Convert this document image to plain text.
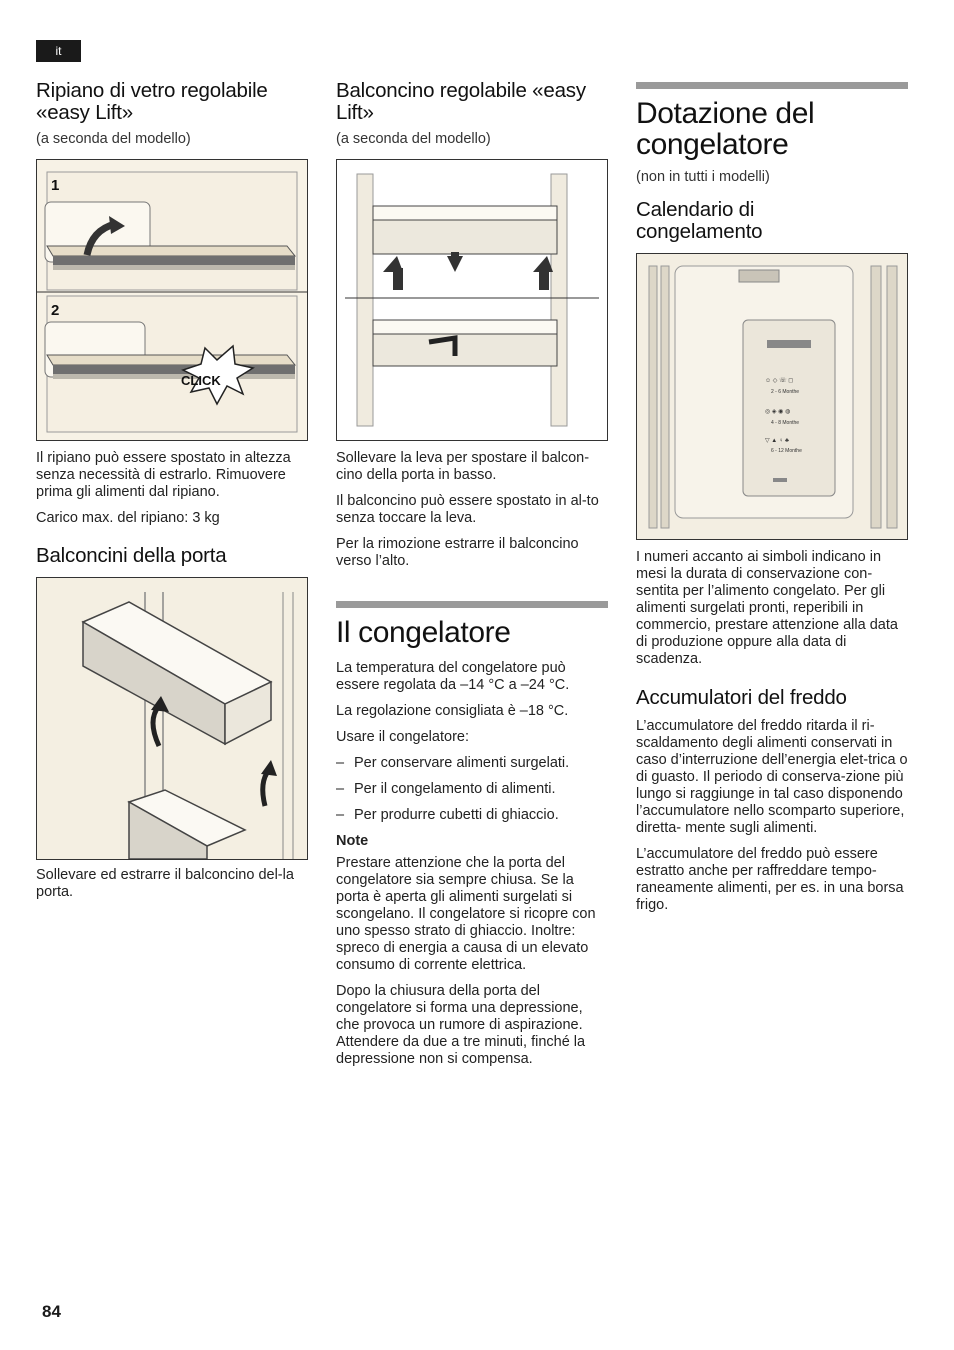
it
Ripiano di vetro regolabile «easy Lift»

(a seconda del modello)

CLICK
1
2

Il ripiano può essere spostato in altezza senza necessità di estrarlo. Rimuovere prima gli alimenti dal ripiano.

Carico max. del ripiano: 3 kg

Balconcini della porta

Sollevare ed estrarre il balconcino del-la porta.

Balconcino regolabile «easy Lift»

(a seconda del modello)

Sollevare la leva per spostare il balcon-cino della porta in basso.

Il balconcino può essere spostato in al-to senza toccare la leva.

Per la rimozione estrarre il balconcino verso l’alto.

Il congelatore

La temperatura del congelatore può essere regolata da –14 °C a –24 °C.

La regolazione consigliata è –18 °C.

Usare il congelatore:

– Per conservare alimenti surgelati.

– Per il congelamento di alimenti.

– Per produrre cubetti di ghiaccio.

Note

Prestare attenzione che la porta del congelatore sia sempre chiusa. Se la porta è aperta gli alimenti surgelati si scongelano. Il congelatore si ricopre con uno spesso strato di ghiaccio. Inoltre: spreco di energia a causa di un elevato consumo di corrente elettrica.

Dopo la chiusura della porta del congelatore si forma una depressione, che provoca un rumore di aspirazione. Attendere da due a tre minuti, finché la depressione non si compensa.

Dotazione del congelatore

(non in tutti i modelli)

Calendario di congelamento
☺ ◇ ☏ ◻
2 - 6 Monthe
◎ ◈ ◉ ◍
4 - 8 Monthe
▽ ▲ ♀ ♣
6 - 12 Monthe

I numeri accanto ai simboli indicano in mesi la durata di conservazione con-sentita per l’alimento congelato. Per gli alimenti surgelati pronti, reperibili in commercio, prestare attenzione alla data di produzione oppure alla data di scadenza.

Accumulatori del freddo

L’accumulatore del freddo ritarda il ri-scaldamento degli alimenti conservati in caso d’interruzione dell’energia elet-trica o di guasto. Il periodo di conserva-zione più lungo si raggiunge in tal caso disponendo l’accumulatore nello scomparto superiore, diretta- mente sugli alimenti.

L’accumulatore del freddo può essere estratto anche per raffreddare tempo-raneamente alimenti, per es. in una borsa frigo.

84
